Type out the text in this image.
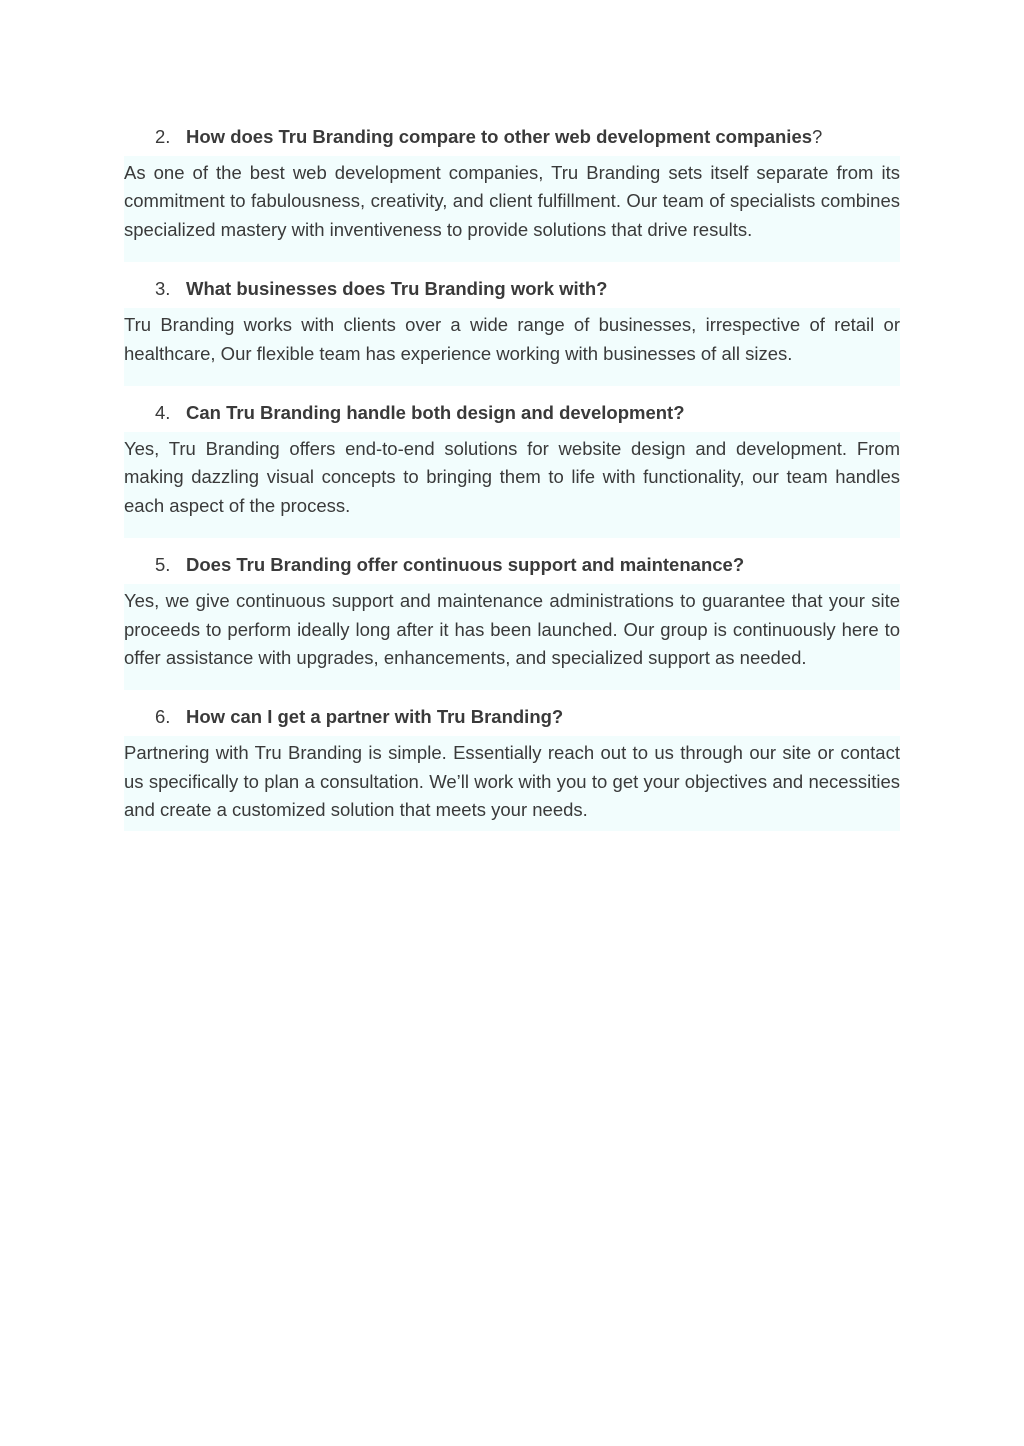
2. How does Tru Branding compare to other web development companies?
As one of the best web development companies, Tru Branding sets itself separate from its commitment to fabulousness, creativity, and client fulfillment. Our team of specialists combines specialized mastery with inventiveness to provide solutions that drive results.
3. What businesses does Tru Branding work with?
Tru Branding works with clients over a wide range of businesses, irrespective of retail or healthcare, Our flexible team has experience working with businesses of all sizes.
4. Can Tru Branding handle both design and development?
Yes, Tru Branding offers end-to-end solutions for website design and development. From making dazzling visual concepts to bringing them to life with functionality, our team handles each aspect of the process.
5. Does Tru Branding offer continuous support and maintenance?
Yes, we give continuous support and maintenance administrations to guarantee that your site proceeds to perform ideally long after it has been launched. Our group is continuously here to offer assistance with upgrades, enhancements, and specialized support as needed.
6. How can I get a partner with Tru Branding?
Partnering with Tru Branding is simple. Essentially reach out to us through our site or contact us specifically to plan a consultation. We’ll work with you to get your objectives and necessities and create a customized solution that meets your needs.
